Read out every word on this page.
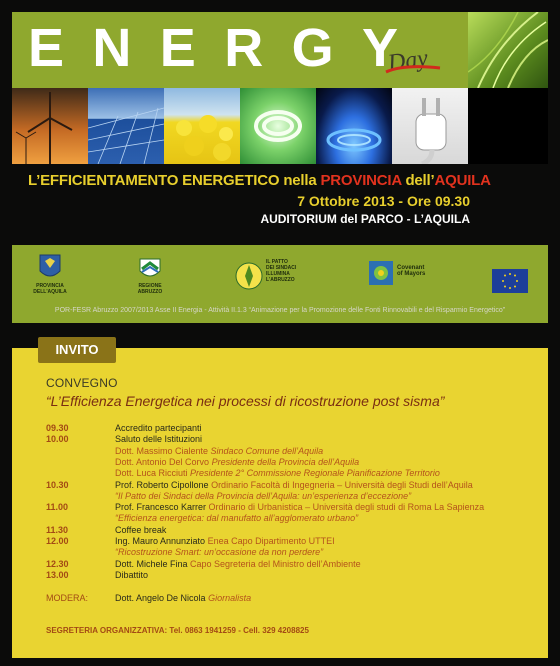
E N E R G Y
Day
L’EFFICIENTAMENTO ENERGETICO nella PROVINCIA dell’AQUILA
7 Ottobre 2013 - Ore 09.30
AUDITORIUM del PARCO - L’AQUILA
PROVINCIA
DELL'AQUILA
REGIONE
ABRUZZO
IL PATTO
DEI SINDACI
ILLUMINA
L'ABRUZZO
Covenant
of Mayors
POR-FESR Abruzzo 2007/2013 Asse II Energia - Attività II.1.3 “Animazione per la Promozione delle Fonti Rinnovabili e del Risparmio Energetico”
INVITO
CONVEGNO
“L’Efficienza Energetica nei processi di ricostruzione post sisma”
09.30	Accredito partecipanti
10.00	Saluto delle Istituzioni
Dott. Massimo Cialente Sindaco Comune dell’Aquila
Dott. Antonio Del Corvo Presidente della Provincia dell’Aquila
Dott. Luca Ricciuti Presidente 2° Commissione Regionale Pianificazione Territorio
10.30	Prof. Roberto Cipollone Ordinario Facoltà di Ingegneria – Università degli Studi dell’Aquila
“Il Patto dei Sindaci della Provincia dell’Aquila: un’esperienza d’eccezione”
11.00	Prof. Francesco Karrer Ordinario di Urbanistica – Università degli studi di Roma La Sapienza
“Efficienza energetica: dal manufatto all’agglomerato urbano”
11.30	Coffee break
12.00	Ing. Mauro Annunziato Enea Capo Dipartimento UTTEI
“Ricostruzione Smart: un’occasione da non perdere”
12.30	Dott. Michele Fina Capo Segreteria del Ministro dell’Ambiente
13.00	Dibattito
MODERA:	Dott. Angelo De Nicola Giornalista
SEGRETERIA ORGANIZZATIVA: Tel. 0863 1941259 - Cell. 329 4208825
